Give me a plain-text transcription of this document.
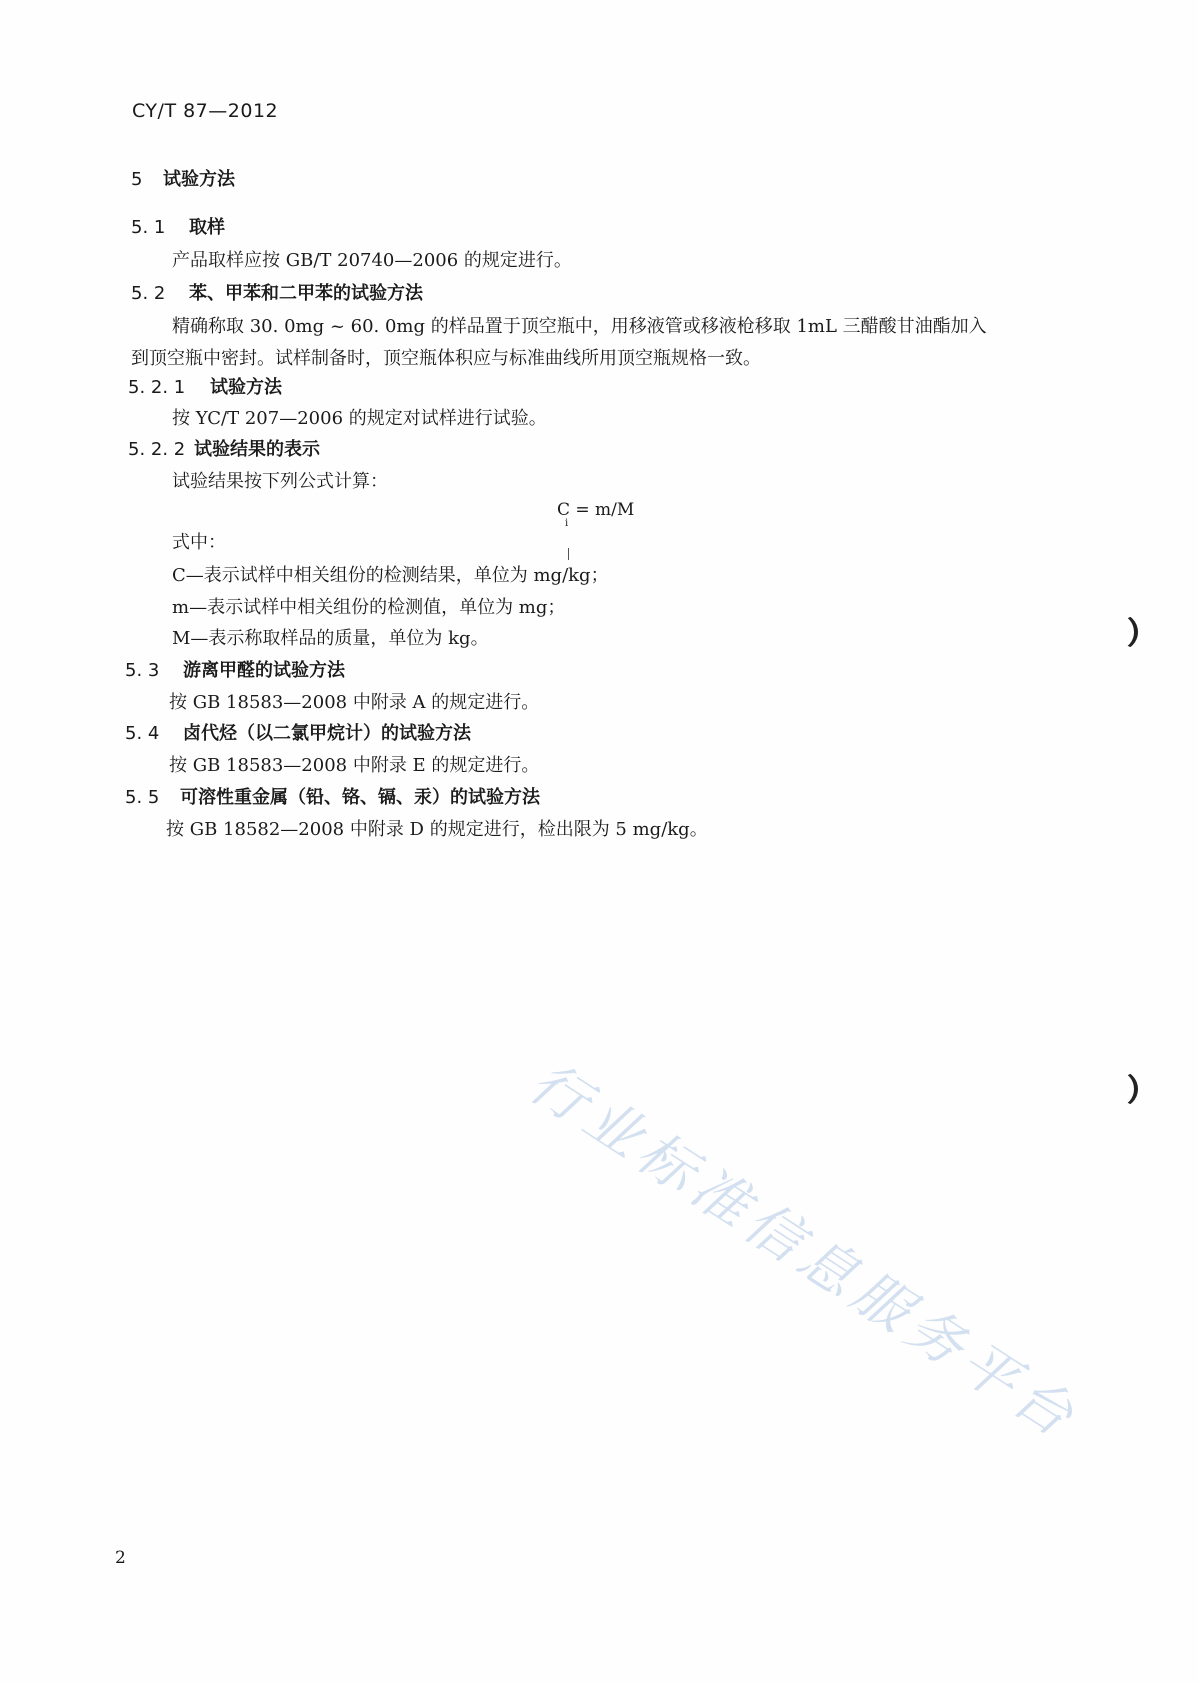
CY/T 87—2012
5 试验方法
5. 1 取样
产品取样应按 GB/T 20740—2006 的规定进行。
5. 2 苯、甲苯和二甲苯的试验方法
精确称取 30. 0mg ~ 60. 0mg 的样品置于顶空瓶中，用移液管或移液枪移取 1mL 三醋酸甘油酯加入
到顶空瓶中密封。试样制备时，顶空瓶体积应与标准曲线所用顶空瓶规格一致。
5. 2. 1 试验方法
按 YC/T 207—2006 的规定对试样进行试验。
5. 2. 2 试验结果的表示
试验结果按下列公式计算：
C = m/M
i
式中：
C—表示试样中相关组份的检测结果，单位为 mg/kg；
m—表示试样中相关组份的检测值，单位为 mg；
M—表示称取样品的质量，单位为 kg。
5. 3 游离甲醛的试验方法
按 GB 18583—2008 中附录 A 的规定进行。
5. 4 卤代烃（以二氯甲烷计）的试验方法
按 GB 18583—2008 中附录 E 的规定进行。
5. 5 可溶性重金属（铅、铬、镉、汞）的试验方法
按 GB 18582—2008 中附录 D 的规定进行，检出限为 5 mg/kg。
行业标准信息服务平台
2
